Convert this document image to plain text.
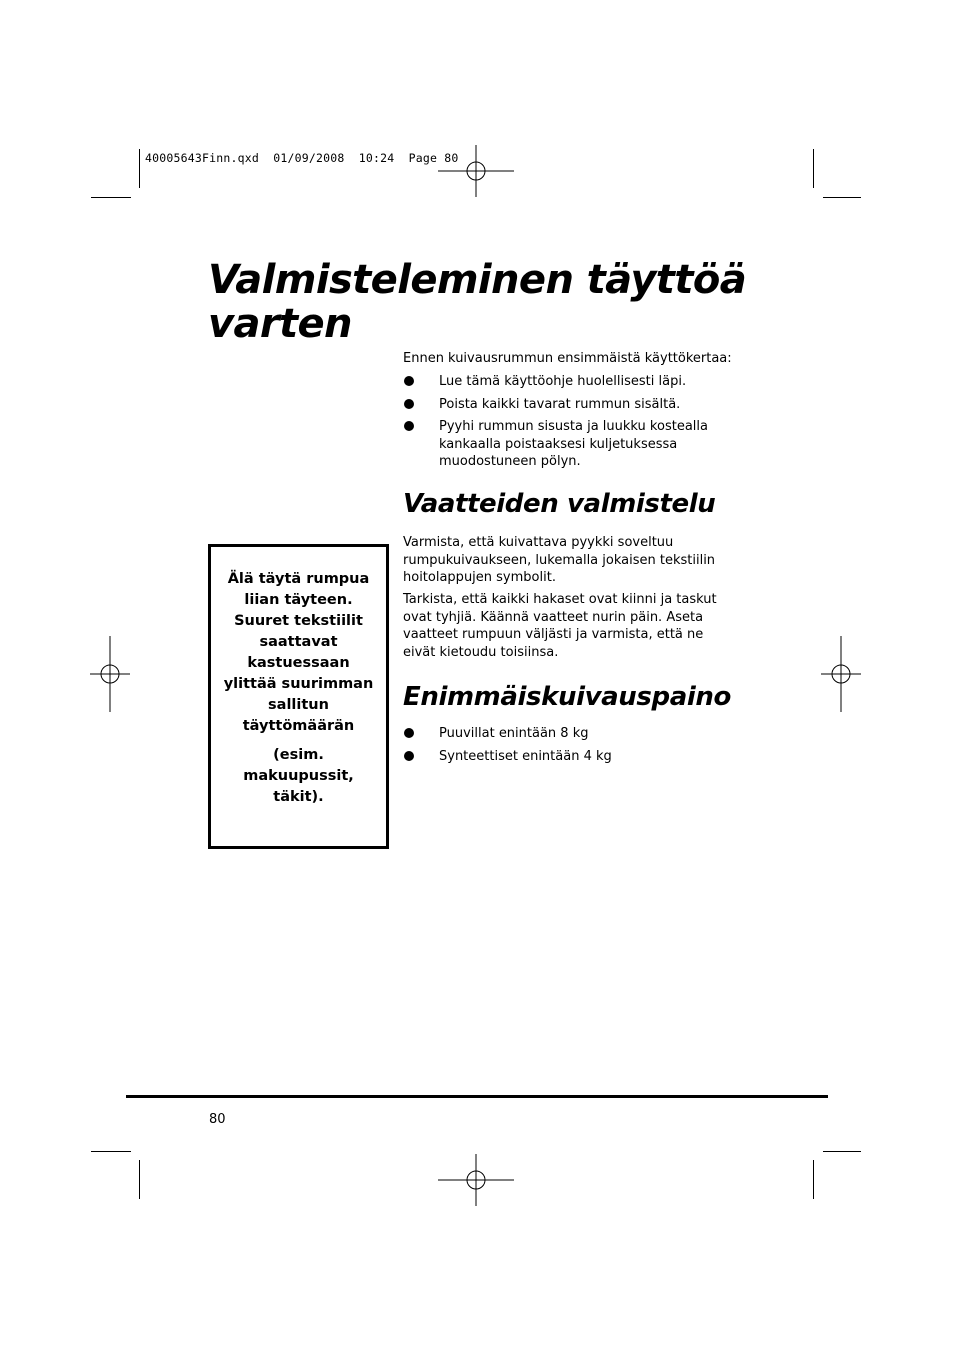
40005643Finn.qxd  01/09/2008  10:24  Page 80
Valmisteleminen täyttöä
varten
Ennen kuivausrummun ensimmäistä käyttökertaa:
Lue tämä käyttöohje huolellisesti läpi.
Poista kaikki tavarat rummun sisältä.
Pyyhi rummun sisusta ja luukku kostealla kankaalla poistaaksesi kuljetuksessa muodostuneen pölyn.
Vaatteiden valmistelu
Varmista, että kuivattava pyykki soveltuu rumpukuivaukseen, lukemalla jokaisen tekstiilin hoitolappujen symbolit.
Tarkista, että kaikki hakaset ovat kiinni ja taskut ovat tyhjiä. Käännä vaatteet nurin päin. Aseta vaatteet rumpuun väljästi ja varmista, että ne eivät kietoudu toisiinsa.
Enimmäiskuivauspaino
Puuvillat enintään 8 kg
Synteettiset enintään 4 kg
Älä täytä rumpua liian täyteen. Suuret tekstiilit saattavat kastuessaan ylittää suurimman sallitun täyttömäärän
(esim. makuupussit, täkit).
80
